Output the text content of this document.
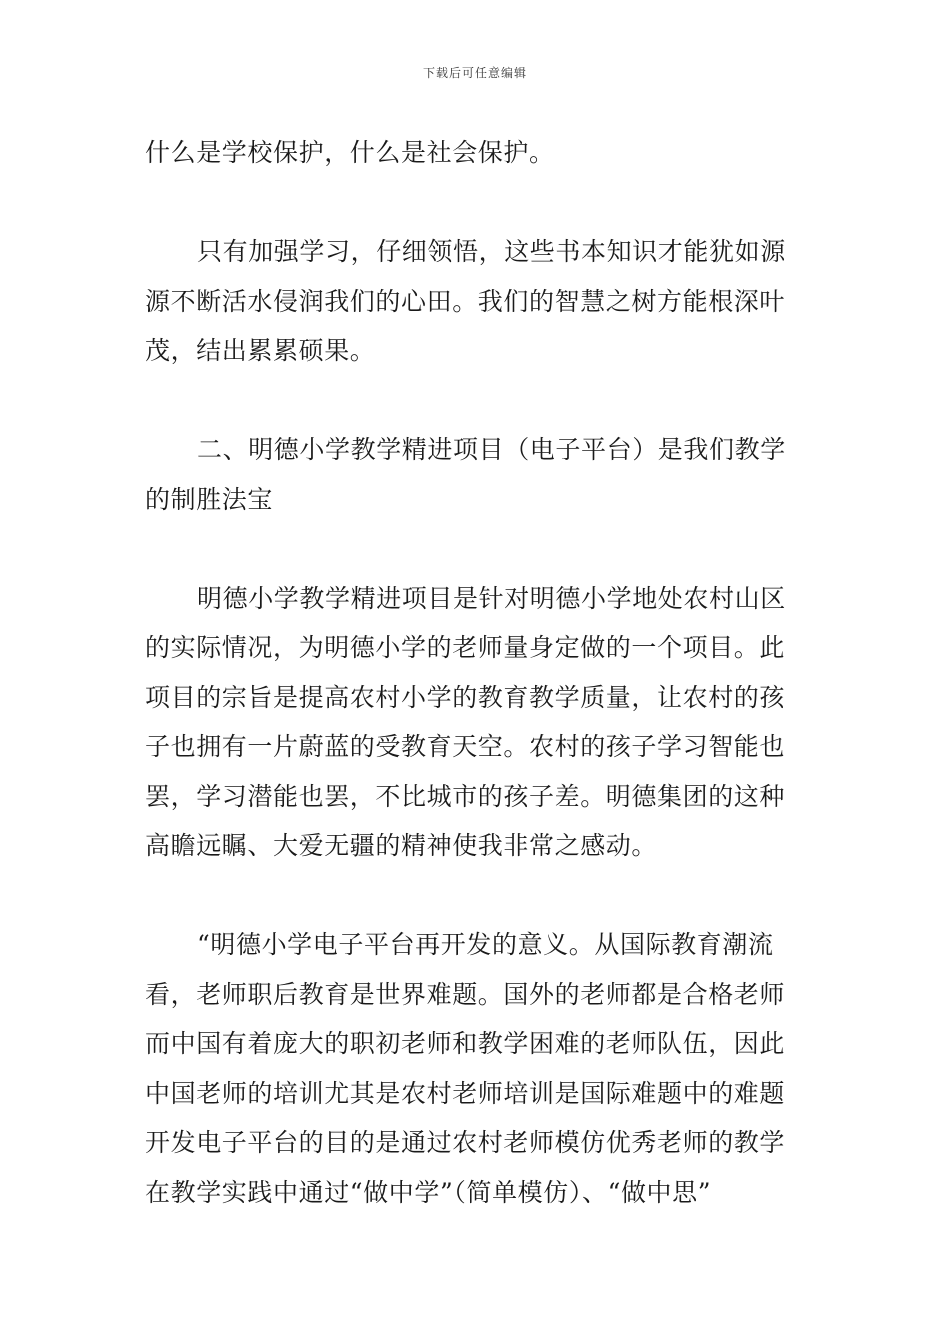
下载后可任意编辑
什么是学校保护，什么是社会保护。
只有加强学习，仔细领悟，这些书本知识才能犹如源
源不断活水侵润我们的心田。我们的智慧之树方能根深叶
茂，结出累累硕果。
二、明德小学教学精进项目（电子平台）是我们教学
的制胜法宝
明德小学教学精进项目是针对明德小学地处农村山区
的实际情况，为明德小学的老师量身定做的一个项目。此
项目的宗旨是提高农村小学的教育教学质量，让农村的孩
子也拥有一片蔚蓝的受教育天空。农村的孩子学习智能也
罢，学习潜能也罢，不比城市的孩子差。明德集团的这种
高瞻远瞩、大爱无疆的精神使我非常之感动。
“明德小学电子平台再开发的意义。从国际教育潮流
看，老师职后教育是世界难题。国外的老师都是合格老师
而中国有着庞大的职初老师和教学困难的老师队伍，因此
中国老师的培训尤其是农村老师培训是国际难题中的难题
开发电子平台的目的是通过农村老师模仿优秀老师的教学
在教学实践中通过“做中学”（简单模仿）、“做中思”
